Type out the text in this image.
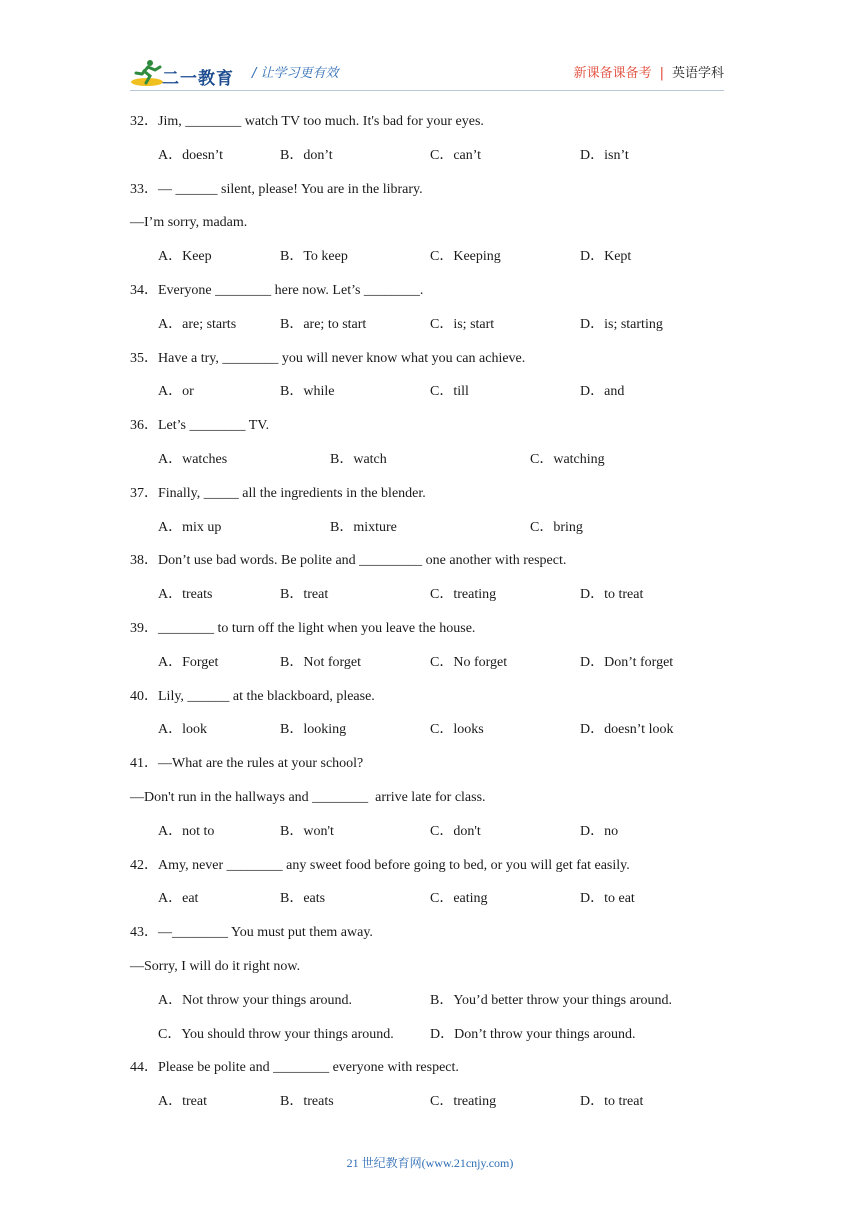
二一教育 / 让学习更有效	新课备课备考 | 英语学科
32．Jim, ________ watch TV too much. It's bad for your eyes.
A．doesn’t	B．don’t	C．can’t	D．isn’t
33．— ______ silent, please! You are in the library.
—I’m sorry, madam.
A．Keep	B．To keep	C．Keeping	D．Kept
34．Everyone ________ here now. Let’s ________.
A．are; starts	B．are; to start	C．is; start	D．is; starting
35．Have a try, ________ you will never know what you can achieve.
A．or	B．while	C．till	D．and
36．Let’s ________ TV.
A．watches	B．watch	C．watching
37．Finally, _____ all the ingredients in the blender.
A．mix up	B．mixture	C．bring
38．Don’t use bad words. Be polite and _________ one another with respect.
A．treats	B．treat	C．treating	D．to treat
39．________ to turn off the light when you leave the house.
A．Forget	B．Not forget	C．No forget	D．Don’t forget
40．Lily, ______ at the blackboard, please.
A．look	B．looking	C．looks	D．doesn’t look
41．—What are the rules at your school?
—Don't run in the hallways and ________  arrive late for class.
A．not to	B．won't	C．don't	D．no
42．Amy, never ________ any sweet food before going to bed, or you will get fat easily.
A．eat	B．eats	C．eating	D．to eat
43．—________ You must put them away.
—Sorry, I will do it right now.
A．Not throw your things around.	B．You’d better throw your things around.
C．You should throw your things around.	D．Don’t throw your things around.
44．Please be polite and ________ everyone with respect.
A．treat	B．treats	C．treating	D．to treat
21 世纪教育网(www.21cnjy.com)
